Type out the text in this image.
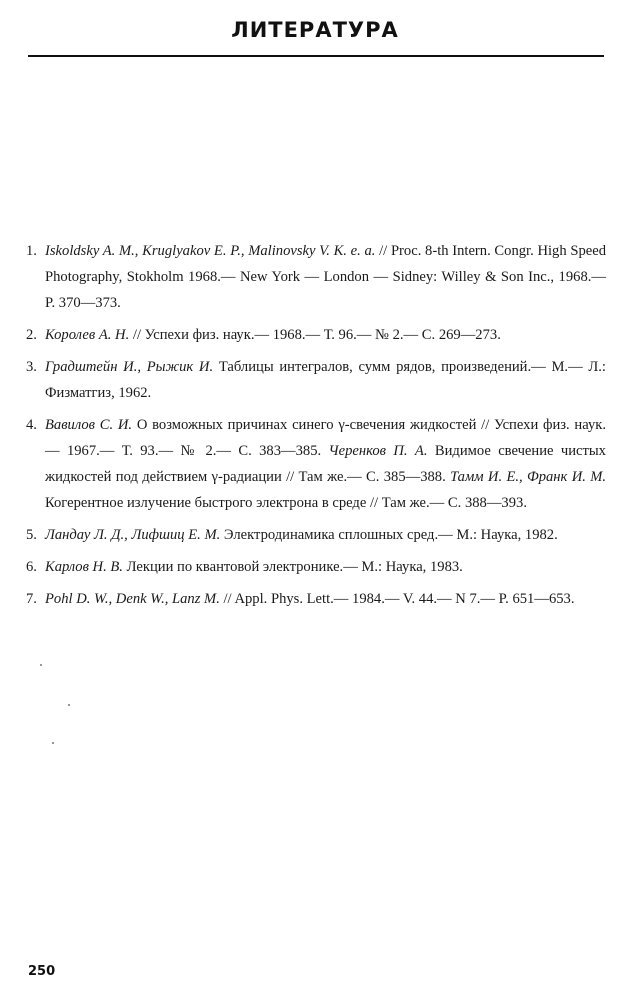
ЛИТЕРАТУРА
1. Iskoldsky A. M., Kruglyakov E. P., Malinovsky V. K. e. a. // Proc. 8-th Intern. Congr. High Speed Photography, Stokholm 1968.— New York — London — Sidney: Willey & Son Inc., 1968.— P. 370—373.
2. Королев А. Н. // Успехи физ. наук.— 1968.— Т. 96.— № 2.— С. 269—273.
3. Градштейн И., Рыжик И. Таблицы интегралов, сумм рядов, произведений.— М.— Л.: Физматгиз, 1962.
4. Вавилов С. И. О возможных причинах синего γ-свечения жидкостей // Успехи физ. наук.— 1967.— Т. 93.— № 2.— С. 383—385. Черенков П. А. Видимое свечение чистых жидкостей под действием γ-радиации // Там же.— С. 385—388. Тамм И. Е., Франк И. М. Когерентное излучение быстрого электрона в среде // Там же.— С. 388—393.
5. Ландау Л. Д., Лифшиц Е. М. Электродинамика сплошных сред.— М.: Наука, 1982.
6. Карлов Н. В. Лекции по квантовой электронике.— М.: Наука, 1983.
7. Pohl D. W., Denk W., Lanz M. // Appl. Phys. Lett.— 1984.— V. 44.— N 7.— P. 651—653.
250
